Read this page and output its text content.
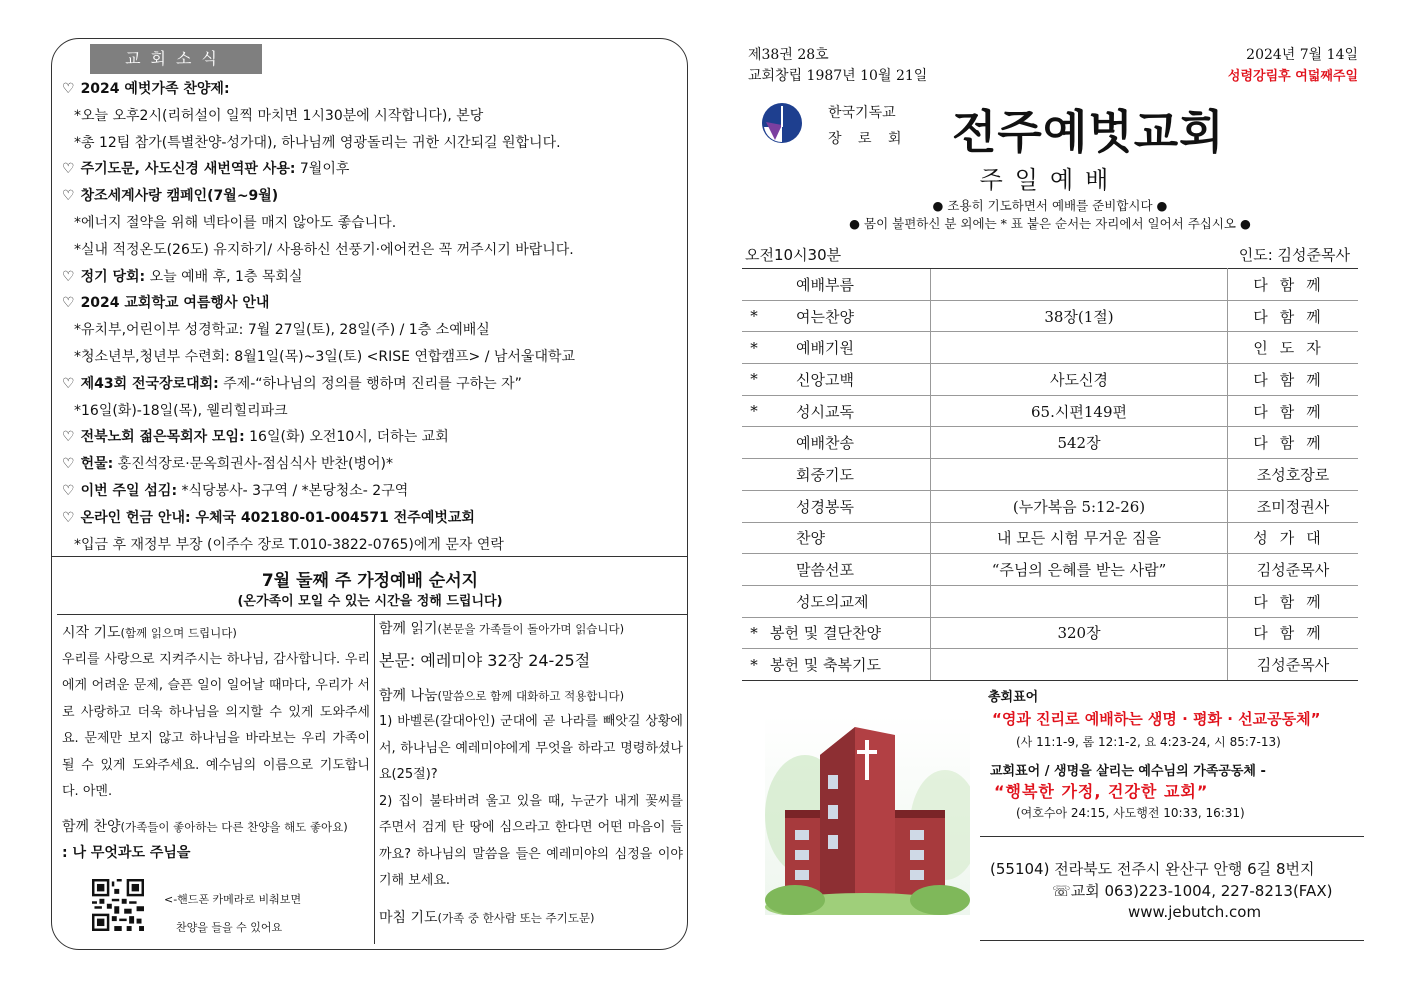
교회소식
♡ 2024 예벗가족 찬양제:
*오늘 오후2시(리허설이 일찍 마치면 1시30분에 시작합니다), 본당
*총 12팀 참가(특별찬양-성가대), 하나님께 영광돌리는 귀한 시간되길 원합니다.
♡ 주기도문, 사도신경 새번역판 사용: 7월이후
♡ 창조세계사랑 캠페인(7월~9월)
*에너지 절약을 위해 넥타이를 매지 않아도 좋습니다.
*실내 적정온도(26도) 유지하기/ 사용하신 선풍기·에어컨은 꼭 꺼주시기 바랍니다.
♡ 정기 당회: 오늘 예배 후, 1층 목회실
♡ 2024 교회학교 여름행사 안내
*유치부,어린이부 성경학교: 7월 27일(토), 28일(주) / 1층 소예배실
*청소년부,청년부 수련회: 8월1일(목)~3일(토) <RISE 연합캠프> / 남서울대학교
♡ 제43회 전국장로대회: 주제-“하나님의 정의를 행하며 진리를 구하는 자”
*16일(화)-18일(목), 웰리힐리파크
♡ 전북노회 젊은목회자 모임: 16일(화) 오전10시, 더하는 교회
♡ 헌물: 홍진석장로·문옥희권사-점심식사 반찬(병어)*
♡ 이번 주일 섬김: *식당봉사- 3구역 / *본당청소- 2구역
♡ 온라인 헌금 안내: 우체국 402180-01-004571 전주예벗교회
*입금 후 재정부 부장 (이주수 장로 T.010-3822-0765)에게 문자 연락
7월 둘째 주 가정예배 순서지
(온가족이 모일 수 있는 시간을 정해 드립니다)
시작 기도(함께 읽으며 드립니다)
우리를 사랑으로 지켜주시는 하나님, 감사합니다. 우리에게 어려운 문제, 슬픈 일이 일어날 때마다, 우리가 서로 사랑하고 더욱 하나님을 의지할 수 있게 도와주세요. 문제만 보지 않고 하나님을 바라보는 우리 가족이 될 수 있게 도와주세요. 예수님의 이름으로 기도합니다. 아멘.
함께 찬양(가족들이 좋아하는 다른 찬양을 해도 좋아요)
: 나 무엇과도 주님을
<-핸드폰 카메라로 비춰보면
찬양을 들을 수 있어요
함께 읽기(본문을 가족들이 돌아가며 읽습니다)
본문: 예레미야 32장 24-25절
함께 나눔(말씀으로 함께 대화하고 적용합니다)
1) 바벨론(갈대아인) 군대에 곧 나라를 빼앗길 상황에서, 하나님은 예레미야에게 무엇을 하라고 명령하셨나요(25절)?
2) 집이 불타버려 울고 있을 때, 누군가 내게 꽃씨를 주면서 검게 탄 땅에 심으라고 한다면 어떤 마음이 들까요? 하나님의 말씀을 들은 예레미야의 심정을 이야기해 보세요.
마침 기도(가족 중 한사람 또는 주기도문)
제38권 28호
교회창립 1987년 10월 21일
2024년 7월 14일
성령강림후 여덟째주일
한국기독교
장 로 회 전주예벗교회
주일예배
● 조용히 기도하면서 예배를 준비합시다 ●
● 몸이 불편하신 분 외에는 * 표 붙은 순서는 자리에서 일어서 주십시오 ●
오전10시30분	인도: 김성준목사
	예배부름		다함께
*	여는찬양	38장(1절)	다함께
*	예배기원		인도자
*	신앙고백	사도신경	다함께
*	성시교독	65.시편149편	다함께
	예배찬송	542장	다함께
	회중기도		조성호장로
	성경봉독	(누가복음 5:12-26)	조미정권사
	찬양	내 모든 시험 무거운 짐을	성가대
	말씀선포	“주님의 은혜를 받는 사람”	김성준목사
	성도의교제		다함께
*	봉헌 및 결단찬양	320장	다함께
*	봉헌 및 축복기도		김성준목사
총회표어
“영과 진리로 예배하는 생명 · 평화 · 선교공동체”
(사 11:1-9, 롬 12:1-2, 요 4:23-24, 시 85:7-13)
교회표어 / 생명을 살리는 예수님의 가족공동체 -
“행복한 가정, 건강한 교회”
(여호수아 24:15, 사도행전 10:33, 16:31)
(55104) 전라북도 전주시 완산구 안행 6길 8번지
☏교회 063)223-1004, 227-8213(FAX)
www.jebutch.com
